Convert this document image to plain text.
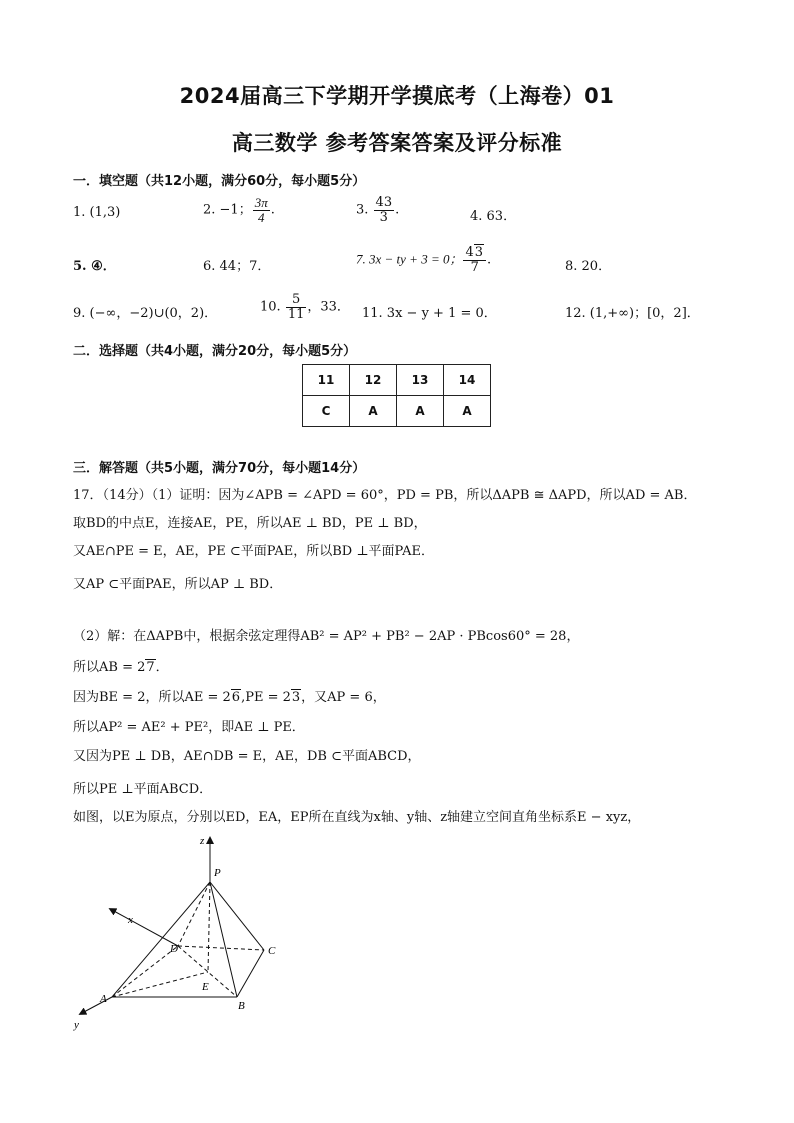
2024届高三下学期开学摸底考（上海卷）01
高三数学 参考答案答案及评分标准
一．填空题（共12小题，满分60分，每小题5分）
1. (1,3)	2. −1； $\frac{3\pi}{4}$ .	3. $\frac{43}{3}$ .	4. 63．
5. ④．	6. 44；7．	7. 3x − ty + 3 = 0； $\frac{43}{7}$ .	8. 20．
9. (−∞，−2)∪(0，2)．	10. $\frac{5}{11}$ ，33． 11. 3x − y + 1 = 0．	12. (1,+∞)；[0，2]．
二．选择题（共4小题，满分20分，每小题5分）
11	12	13	14
C	A	A	A
三．解答题（共5小题，满分70分，每小题14分）
17．（14分）（1）证明：因为∠APB = ∠APD = 60°，PD = PB，所以ΔAPB ≅ ΔAPD，所以AD = AB．
取BD的中点E，连接AE，PE，所以AE ⊥ BD，PE ⊥ BD，
又AE∩PE = E，AE，PE ⊂平面PAE，所以BD ⊥平面PAE．
又AP ⊂平面PAE，所以AP ⊥ BD．
（2）解：在ΔAPB中，根据余弦定理得AB² = AP² + PB² − 2AP · PBcos60° = 28，
所以AB = 27．
因为BE = 2，所以AE = 26,PE = 23，又AP = 6，
所以AP² = AE² + PE²，即AE ⊥ PE．
又因为PE ⊥ DB，AE∩DB = E，AE，DB ⊂平面ABCD，
所以PE ⊥平面ABCD．
如图，以E为原点，分别以ED，EA，EP所在直线为x轴、y轴、z轴建立空间直角坐标系E − xyz，
z
x
y
P
D	C
E
A
B
